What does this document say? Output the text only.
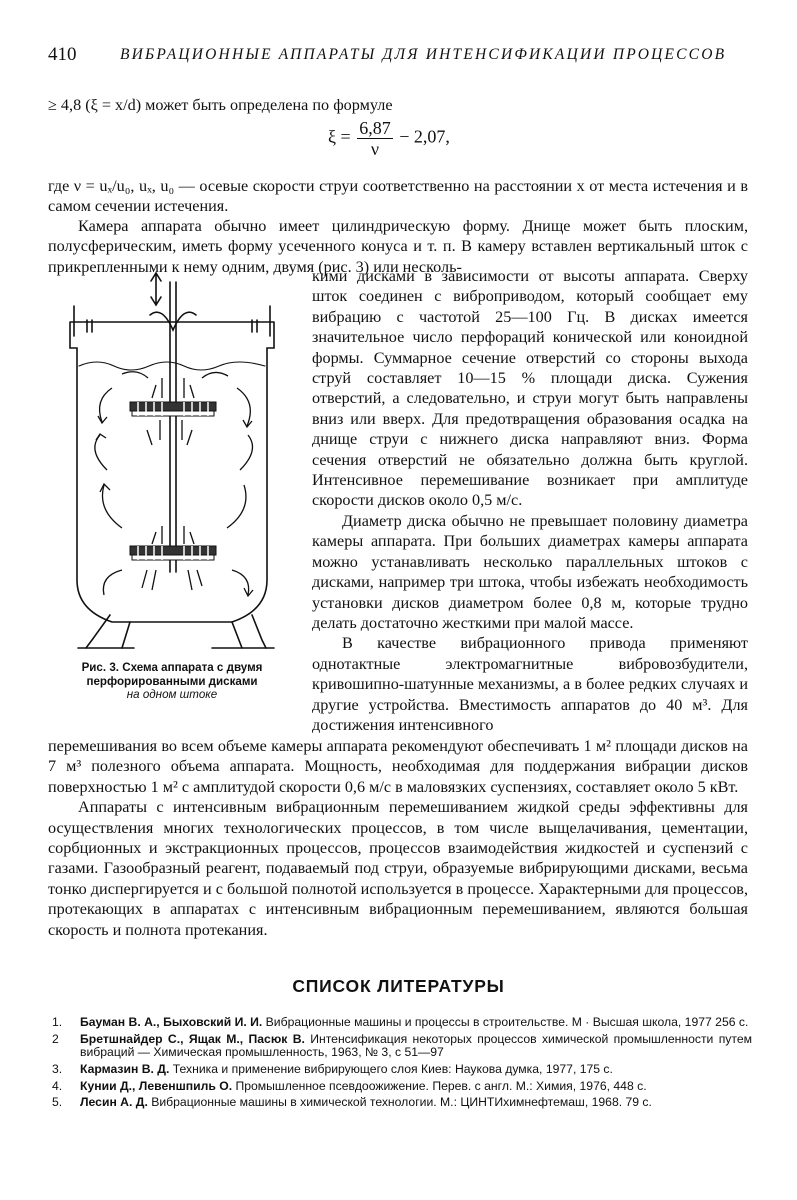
410	ВИБРАЦИОННЫЕ АППАРАТЫ ДЛЯ ИНТЕНСИФИКАЦИИ ПРОЦЕССОВ

≥ 4,8 (ξ = x/d) может быть определена по формуле

$\xi = \frac{6,87}{\nu} - 2,07$,

где ν = uₓ/u₀, uₓ, u₀ — осевые скорости струи соответственно на расстоянии x от места истечения и в самом сечении истечения.

Камера аппарата обычно имеет цилиндрическую форму. Днище может быть плоским, полусферическим, иметь форму усеченного конуса и т. п. В камеру вставлен вертикальный шток с прикрепленными к нему одним, двумя (рис. 3) или несколь-

кими дисками в зависимости от высоты аппарата. Сверху шток соединен с виброприводом, который сообщает ему вибрацию с частотой 25—100 Гц. В дисках имеется значительное число перфораций конической или коноидной формы. Суммарное сечение отверстий со стороны выхода струй составляет 10—15 % площади диска. Сужения отверстий, а следовательно, и струи могут быть направлены вниз или вверх. Для предотвращения образования осадка на днище струи с нижнего диска направляют вниз. Форма сечения отверстий не обязательно должна быть круглой. Интенсивное перемешивание возникает при амплитуде скорости дисков около 0,5 м/с.

Диаметр диска обычно не превышает половину диаметра камеры аппарата. При больших диаметрах камеры аппарата можно устанавливать несколько параллельных штоков с дисками, например три штока, чтобы избежать необходимость установки дисков диаметром более 0,8 м, которые трудно делать достаточно жесткими при малой массе.

В качестве вибрационного привода применяют однотактные электромагнитные вибровозбудители, кривошипно-шатунные механизмы, а в более редких случаях и другие устройства. Вместимость аппаратов до 40 м³. Для достижения интенсивного

перемешивания во всем объеме камеры аппарата рекомендуют обеспечивать 1 м² площади дисков на 7 м³ полезного объема аппарата. Мощность, необходимая для поддержания вибрации дисков поверхностью 1 м² с амплитудой скорости 0,6 м/с в маловязких суспензиях, составляет около 5 кВт.

Аппараты с интенсивным вибрационным перемешиванием жидкой среды эффективны для осуществления многих технологических процессов, в том числе выщелачивания, цементации, сорбционных и экстракционных процессов, процессов взаимодействия жидкостей и суспензий с газами. Газообразный реагент, подаваемый под струи, образуемые вибрирующими дисками, весьма тонко диспергируется и с большой полнотой используется в процессе. Характерными для процессов, протекающих в аппаратах с интенсивным вибрационным перемешиванием, являются большая скорость и полнота протекания.

Рис. 3. Схема аппарата с двумя перфорированными дисками
на одном штоке
СПИСОК ЛИТЕРАТУРЫ
1. Бауман В. А., Быховский И. И. Вибрационные машины и процессы в строительстве. М · Высшая школа, 1977 256 с.
2 Бретшнайдер С., Ящак М., Пасюк В. Интенсификация некоторых процессов химической промышленности путем вибраций — Химическая промышленность, 1963, № 3, с 51—97
3. Кармазин В. Д. Техника и применение вибрирующего слоя Киев: Наукова думка, 1977, 175 с.
4. Кунии Д., Левеншпиль О. Промышленное псевдоожижение. Перев. с англ. М.: Химия, 1976, 448 с.
5. Лесин А. Д. Вибрационные машины в химической технологии. М.: ЦИНТИхимнефтемаш, 1968. 79 с.
